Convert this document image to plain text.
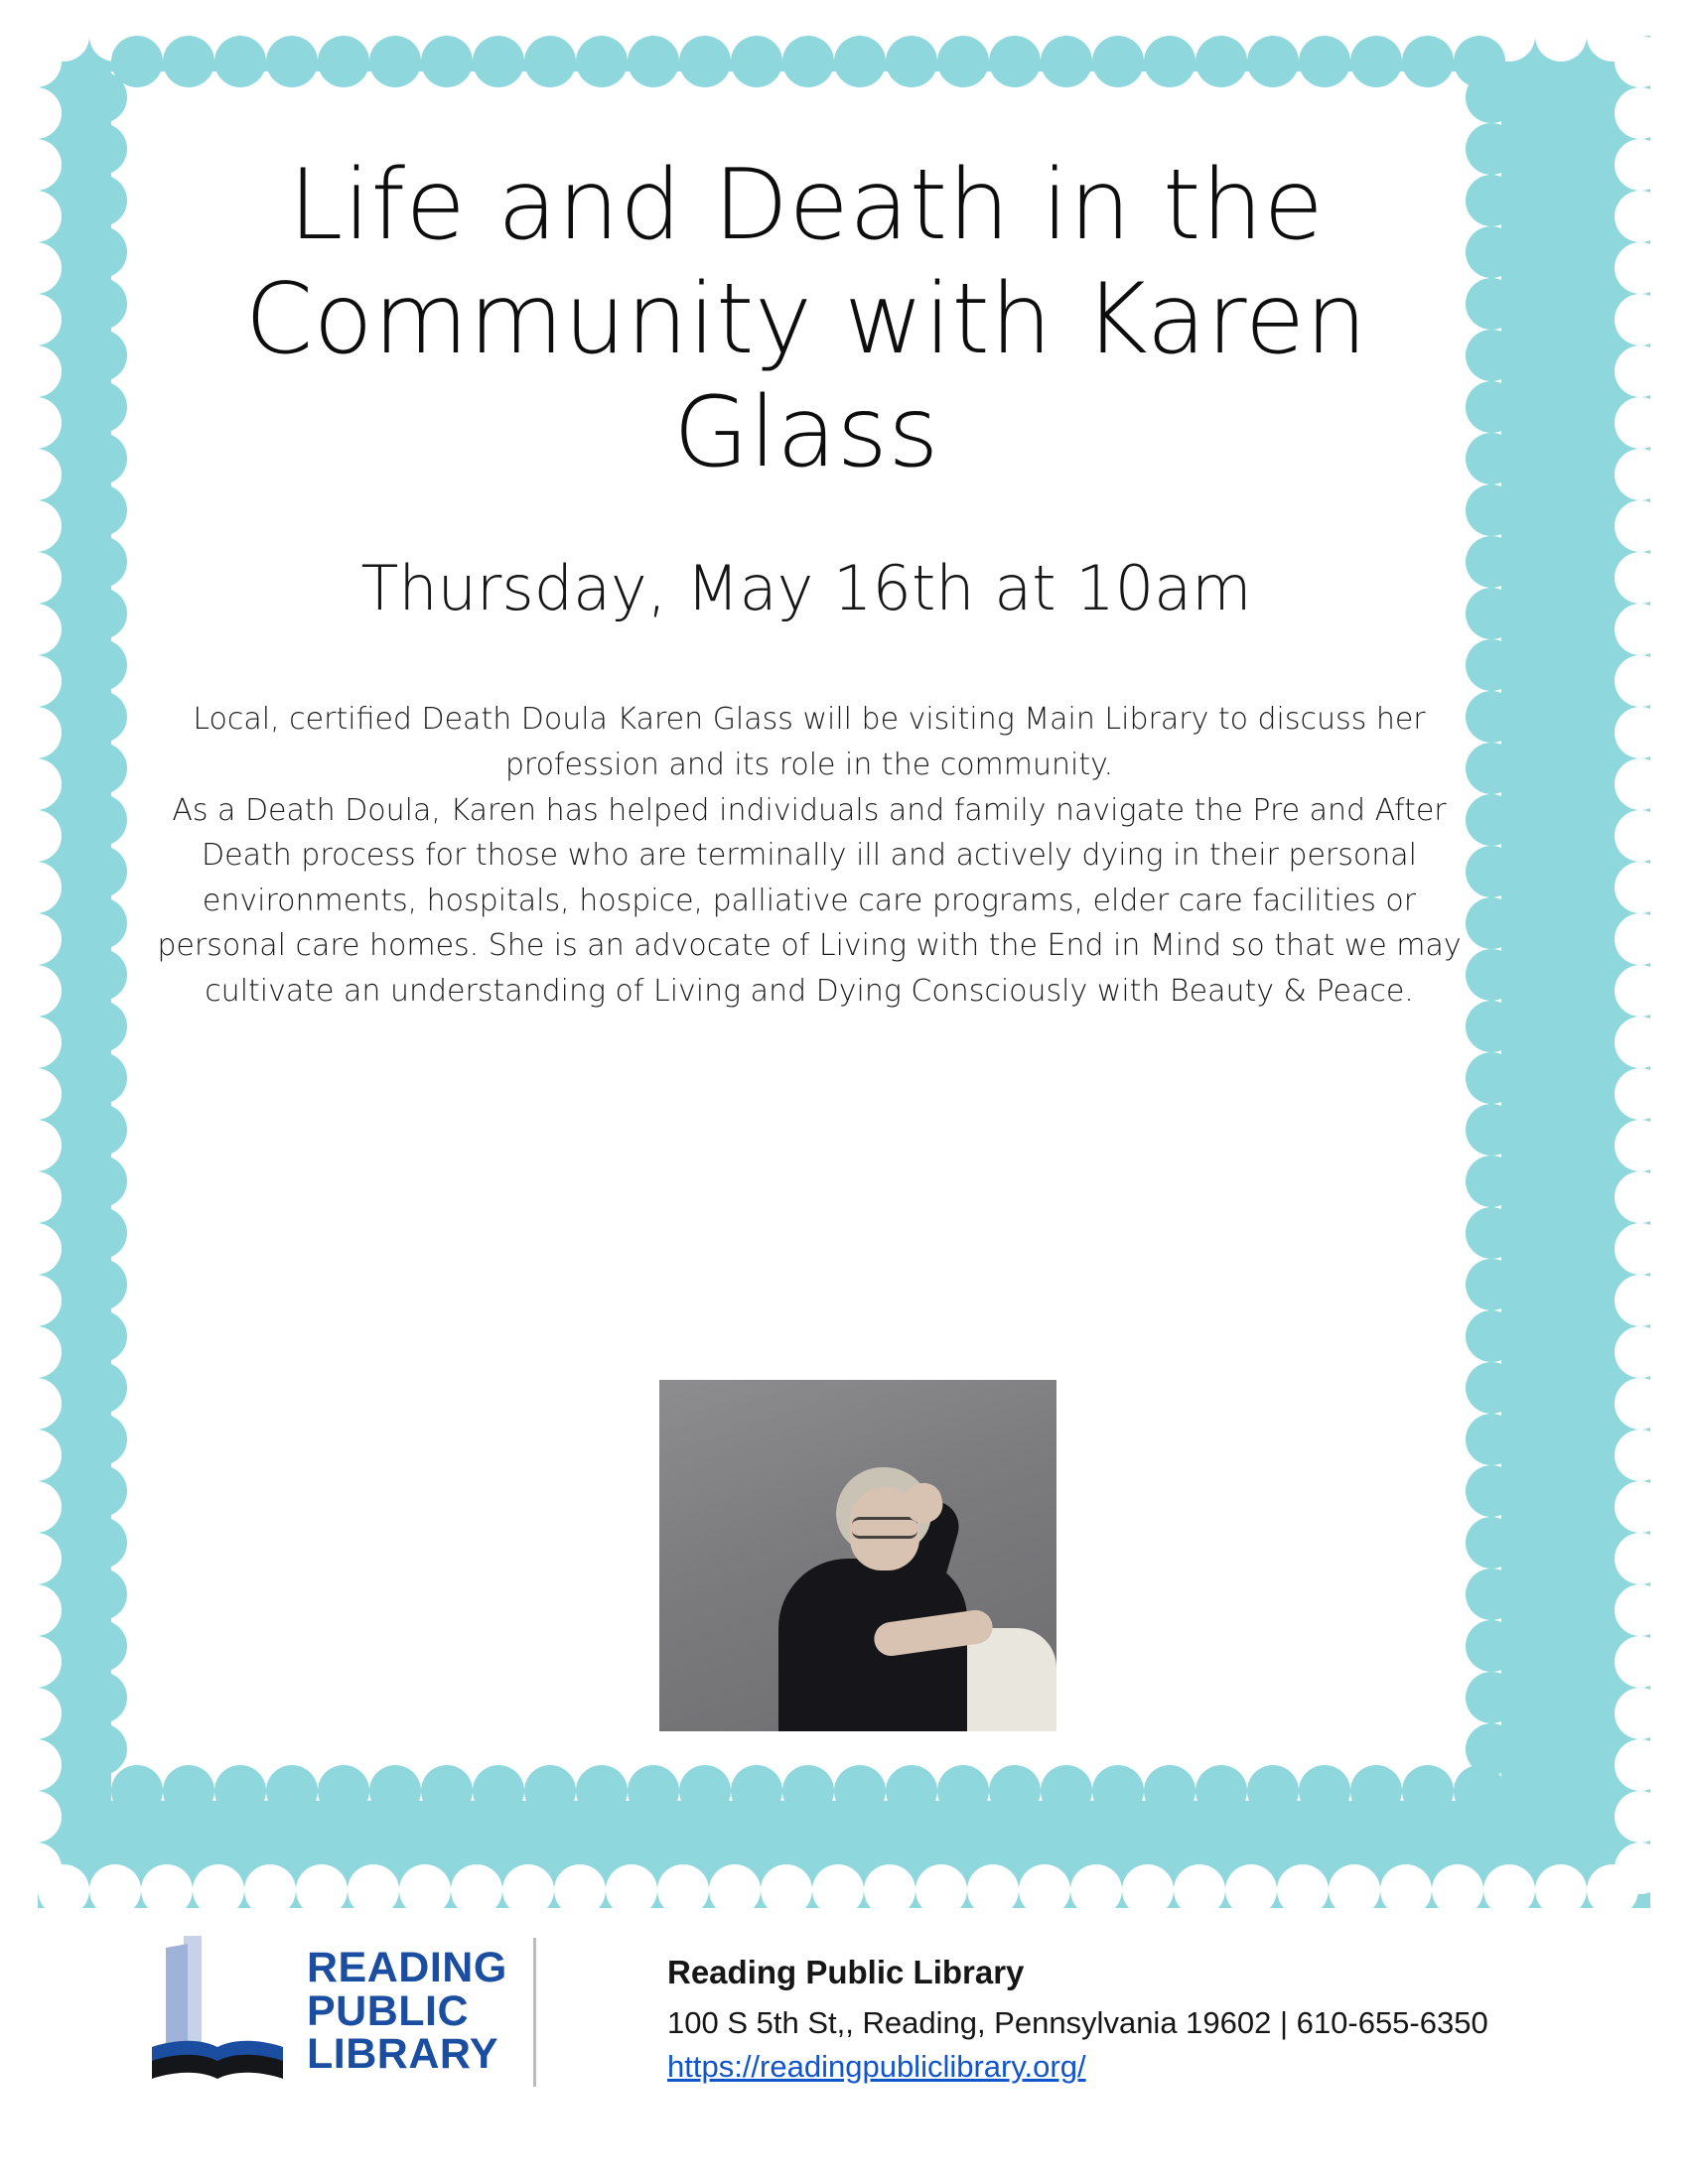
Life and Death in the Community with Karen Glass
Thursday, May 16th at 10am

Local, certified Death Doula Karen Glass will be visiting Main Library to discuss her profession and its role in the community.

As a Death Doula, Karen has helped individuals and family navigate the Pre and After Death process for those who are terminally ill and actively dying in their personal environments, hospitals, hospice, palliative care programs, elder care facilities or personal care homes. She is an advocate of Living with the End in Mind so that we may cultivate an understanding of Living and Dying Consciously with Beauty & Peace.

READING
PUBLIC
LIBRARY
Reading Public Library
100 S 5th St,, Reading, Pennsylvania 19602 | 610-655-6350
https://readingpubliclibrary.org/
